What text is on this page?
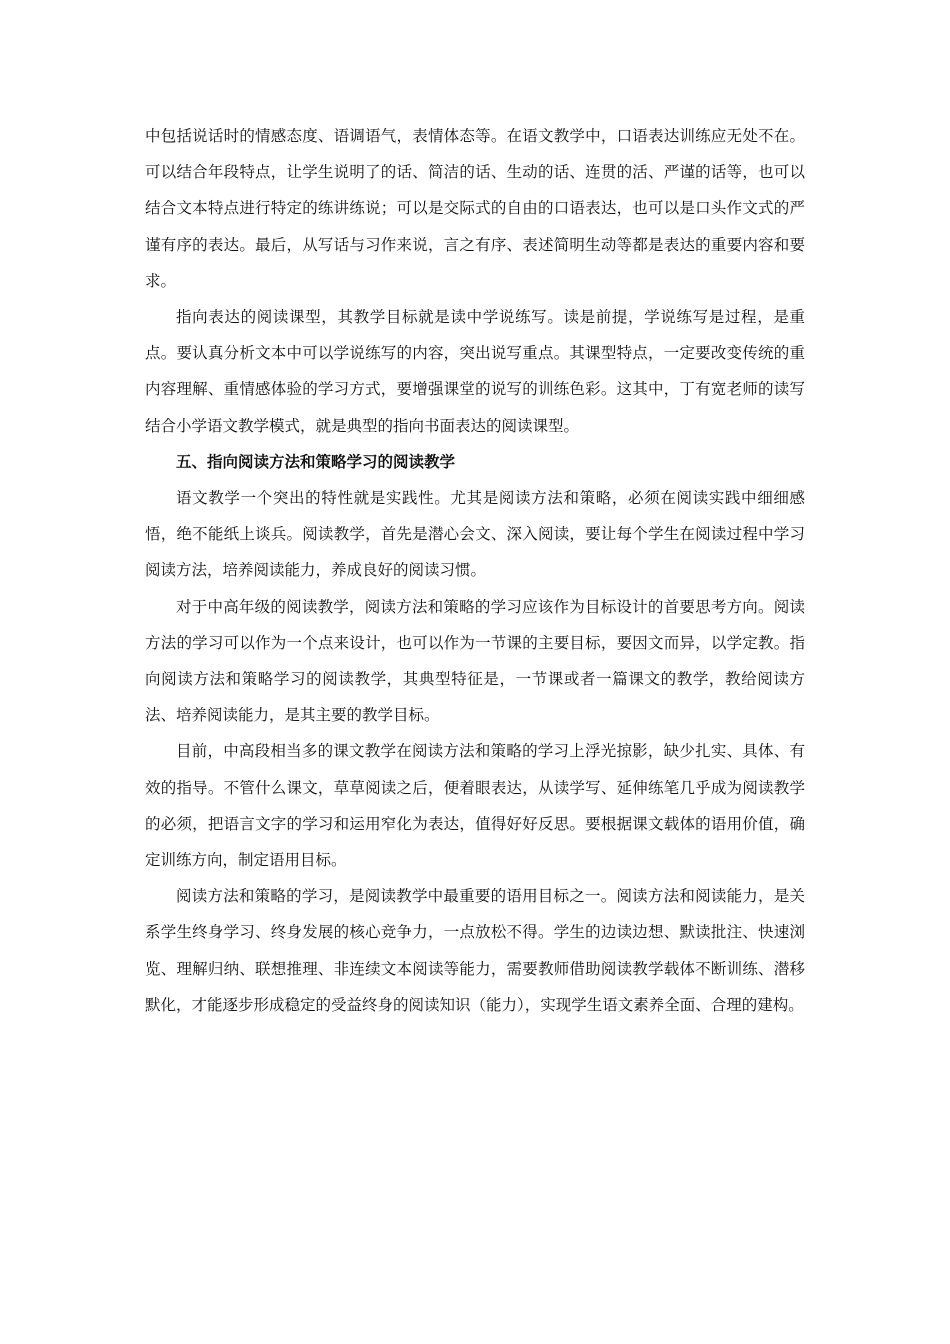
中包括说话时的情感态度、语调语气，表情体态等。在语文教学中，口语表达训练应无处不在。可以结合年段特点，让学生说明了的话、简洁的话、生动的话、连贯的活、严谨的话等，也可以结合文本特点进行特定的练讲练说；可以是交际式的自由的口语表达，也可以是口头作文式的严谨有序的表达。最后，从写话与习作来说，言之有序、表述简明生动等都是表达的重要内容和要求。

指向表达的阅读课型，其教学目标就是读中学说练写。读是前提，学说练写是过程，是重点。要认真分析文本中可以学说练写的内容，突出说写重点。其课型特点，一定要改变传统的重内容理解、重情感体验的学习方式，要增强课堂的说写的训练色彩。这其中，丁有宽老师的读写结合小学语文教学模式，就是典型的指向书面表达的阅读课型。

五、指向阅读方法和策略学习的阅读教学

语文教学一个突出的特性就是实践性。尤其是阅读方法和策略，必须在阅读实践中细细感悟，绝不能纸上谈兵。阅读教学，首先是潜心会文、深入阅读，要让每个学生在阅读过程中学习阅读方法，培养阅读能力，养成良好的阅读习惯。

对于中高年级的阅读教学，阅读方法和策略的学习应该作为目标设计的首要思考方向。阅读方法的学习可以作为一个点来设计，也可以作为一节课的主要目标，要因文而异，以学定教。指向阅读方法和策略学习的阅读教学，其典型特征是，一节课或者一篇课文的教学，教给阅读方法、培养阅读能力，是其主要的教学目标。

目前，中高段相当多的课文教学在阅读方法和策略的学习上浮光掠影，缺少扎实、具体、有效的指导。不管什么课文，草草阅读之后，便着眼表达，从读学写、延伸练笔几乎成为阅读教学的必须，把语言文字的学习和运用窄化为表达，值得好好反思。要根据课文载体的语用价值，确定训练方向，制定语用目标。

阅读方法和策略的学习，是阅读教学中最重要的语用目标之一。阅读方法和阅读能力，是关系学生终身学习、终身发展的核心竞争力，一点放松不得。学生的边读边想、默读批注、快速浏览、理解归纳、联想推理、非连续文本阅读等能力，需要教师借助阅读教学载体不断训练、潜移默化，才能逐步形成稳定的受益终身的阅读知识（能力），实现学生语文素养全面、合理的建构。
